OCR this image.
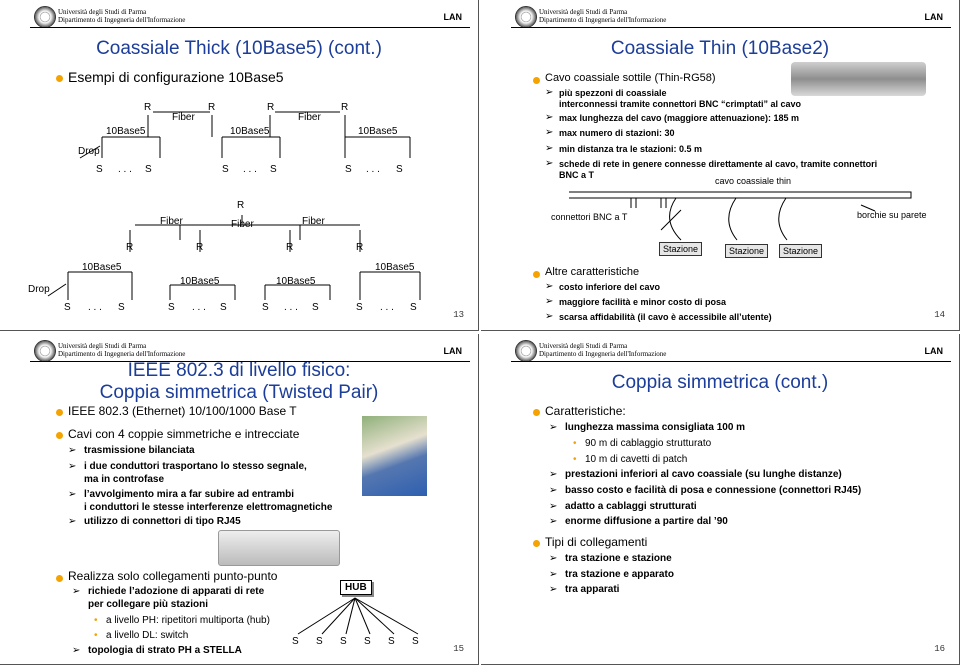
Università degli Studi di Parma
Dipartimento di Ingegneria dell'Informazione	LAN
Coassiale Thick (10Base5) (cont.)
Esempi di configurazione 10Base5
R	R	R	R
Fiber	Fiber
10Base5	10Base5	10Base5
Drop
S . . . S	S . . . S	S . . . S
R
Fiber	Fiber	Fiber
R	R	R	R
10Base5	10Base5
10Base5	10Base5
Drop
S . . . S	S . . . S	S . . . S	S . . . S
13
Università degli Studi di Parma
Dipartimento di Ingegneria dell'Informazione	LAN
Coassiale Thin (10Base2)
Cavo coassiale sottile (Thin-RG58)
➢ più spezzoni di coassiale
interconnessi tramite connettori BNC “crimptati” al cavo
➢ max lunghezza del cavo (maggiore attenuazione): 185 m
➢ max numero di stazioni: 30
➢ min distanza tra le stazioni: 0.5 m
➢ schede di rete in genere connesse direttamente al cavo, tramite connettori
BNC a T
cavo coassiale thin
connettori BNC a T	borchie su parete
Stazione	Stazione	Stazione
Altre caratteristiche
➢ costo inferiore del cavo
➢ maggiore facilità e minor costo di posa
➢ scarsa affidabilità (il cavo è accessibile all’utente)	14
Università degli Studi di Parma
Dipartimento di Ingegneria dell'Informazione	LAN
IEEE 802.3 di livello fisico:
Coppia simmetrica (Twisted Pair)
IEEE 802.3 (Ethernet) 10/100/1000 Base T
Cavi con 4 coppie simmetriche e intrecciate
➢ trasmissione bilanciata
➢ i due conduttori trasportano lo stesso segnale,
ma in controfase
➢ l’avvolgimento mira a far subire ad entrambi
i conduttori le stesse interferenze elettromagnetiche
➢ utilizzo di connettori di tipo RJ45
Realizza solo collegamenti punto-punto
➢ richiede l’adozione di apparati di rete
per collegare più stazioni
• a livello PH: ripetitori multiporta (hub)
• a livello DL: switch
➢ topologia di strato PH a STELLA
HUB
S S S S S S
15
Università degli Studi di Parma
Dipartimento di Ingegneria dell'Informazione	LAN
Coppia simmetrica (cont.)
Caratteristiche:
➢ lunghezza massima consigliata 100 m
• 90 m di cablaggio strutturato
• 10 m di cavetti di patch
➢ prestazioni inferiori al cavo coassiale (su lunghe distanze)
➢ basso costo e facilità di posa e connessione (connettori RJ45)
➢ adatto a cablaggi strutturati
➢ enorme diffusione a partire dal ’90
Tipi di collegamenti
➢ tra stazione e stazione
➢ tra stazione e apparato
➢ tra apparati
16
